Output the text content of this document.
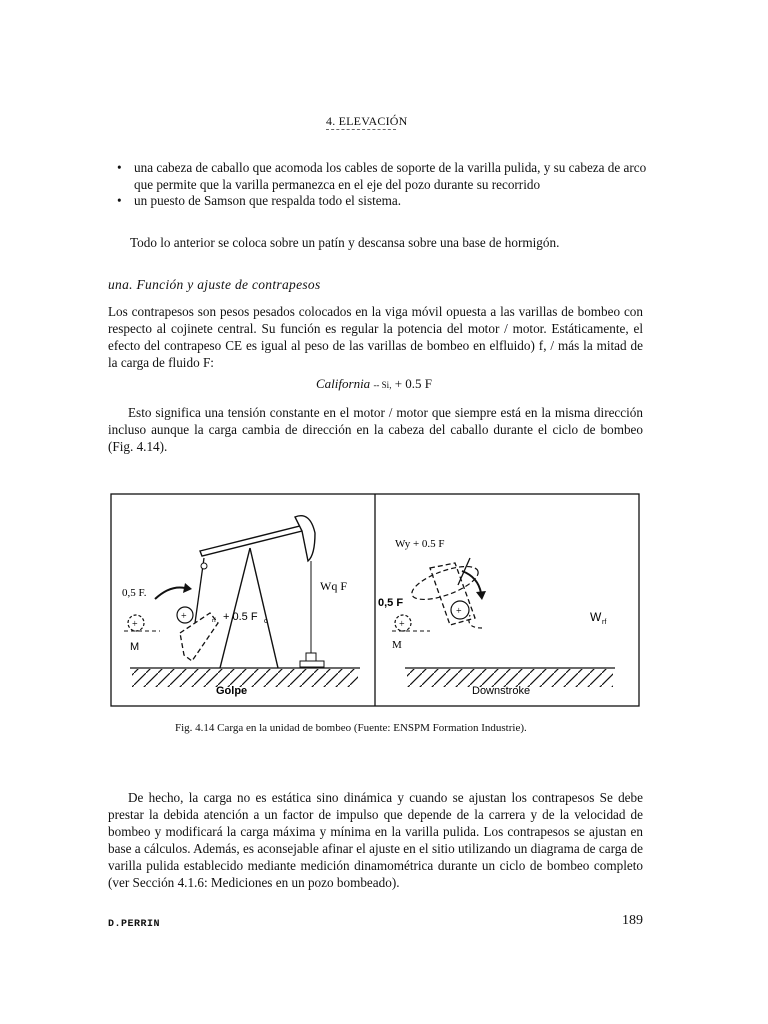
4. ELEVACIÓN
• una cabeza de caballo que acomoda los cables de soporte de la varilla pulida, y su cabeza de arco que permite que la varilla permanezca en el eje del pozo durante su recorrido
• un puesto de Samson que respalda todo el sistema.
Todo lo anterior se coloca sobre un patín y descansa sobre una base de hormigón.
una. Función y ajuste de contrapesos
Los contrapesos son pesos pesados colocados en la viga móvil opuesta a las varillas de bombeo con respecto al cojinete central. Su función es regular la potencia del motor / motor. Estáticamente, el efecto del contrapeso CE es igual al peso de las varillas de bombeo en elfluido) f, / más la mitad de la carga de fluido F:
California -- Si, + 0.5 F
Esto significa una tensión constante en el motor / motor que siempre está en la misma dirección incluso aunque la carga cambia de dirección en la cabeza del caballo durante el ciclo de bombeo (Fig. 4.14).
+
+
0,5 F.	Wq F
rf + 0.5 F o
M
Golpe
+
+
Wy + 0.5 F
0,5 F
W rf
M
Downstroke
Fig. 4.14 Carga en la unidad de bombeo (Fuente: ENSPM Formation Industrie).
De hecho, la carga no es estática sino dinámica y cuando se ajustan los contrapesos Se debe prestar la debida atención a un factor de impulso que depende de la carrera y de la velocidad de bombeo y modificará la carga máxima y mínima en la varilla pulida. Los contrapesos se ajustan en base a cálculos. Además, es aconsejable afinar el ajuste en el sitio utilizando un diagrama de carga de varilla pulida establecido mediante medición dinamométrica durante un ciclo de bombeo completo (ver Sección 4.1.6: Mediciones en un pozo bombeado).
D.PERRIN	189
